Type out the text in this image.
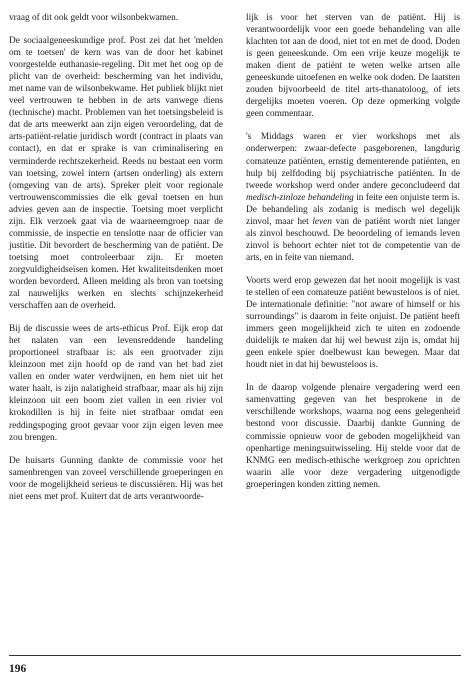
vraag of dit ook geldt voor wilsonbekwamen.

De sociaalgeneeskundige prof. Post zei dat het 'melden om te toetsen' de kern was van de door het kabinet voorgestelde euthanasie-regeling. Dit met het oog op de plicht van de overheid: bescherming van het individu, met name van de wilsonbekwame. Het publiek blijkt niet veel vertrouwen te hebben in de arts vanwege diens (technische) macht. Problemen van het toetsingsbeleid is dat de arts meewerkt aan zijn eigen veroordeling, dat de arts-patiënt-relatie juridisch wordt (contract in plaats van contact), en dat er sprake is van criminalisering en verminderde rechtszekerheid. Reeds nu bestaat een vorm van toetsing, zowel intern (artsen onderling) als extern (omgeving van de arts). Spreker pleit voor regionale vertrouwenscommissies die elk geval toetsen en hun advies geven aan de inspectie. Toetsing moet verplicht zijn. Elk verzoek gaat via de waarneemgroep naar de commissie, de inspectie en tenslotte naar de officier van justitie. Dit bevordert de bescherming van de patiënt. De toetsing moet controleerbaar zijn. Er moeten zorgvuldigheidseisen komen. Het kwaliteitsdenken moet worden bevorderd. Alleen melding als bron van toetsing zal nauwelijks werken en slechts schijnzekerheid verschaffen aan de overheid.

Bij de discussie wees de arts-ethicus Prof. Eijk erop dat het nalaten van een levensreddende handeling proportioneel strafbaar is: als een grootvader zijn kleinzoon met zijn hoofd op de rand van het bad ziet vallen en onder water verdwijnen, en hem niet uit het water haalt, is zijn nalatigheid strafbaar, maar als hij zijn kleinzoon uit een boom ziet vallen in een rivier vol krokodillen is hij in feite niet strafbaar omdat een reddingspoging groot gevaar voor zijn eigen leven mee zou brengen.

De huisarts Gunning dankte de commissie voor het samenbrengen van zoveel verschillende groeperingen en voor de mogelijkheid serieus te discussiëren. Hij was het niet eens met prof. Kuitert dat de arts verantwoorde-

lijk is voor het sterven van de patiënt. Hij is verantwoordelijk voor een goede behandeling van alle klachten tot aan de dood, niet tot en met de dood. Doden is geen geneeskunde. Om een vrije keuze mogelijk te maken dient de patiënt te weten welke artsen alle geneeskunde uitoefenen en welke ook doden. De laatsten zouden bijvoorbeeld de titel arts-thanatoloog, of iets dergelijks moeten voeren. Op deze opmerking volgde geen commentaar.

's Middags waren er vier workshops met als onderwerpen: zwaar-defecte pasgeborenen, langdurig comateuze patiënten, ernstig dementerende patiënten, en hulp bij zelfdoding bij psychiatrische patiënten. In de tweede workshop werd onder andere geconcludeerd dat medisch-zinloze behandeling in feite een onjuiste term is. De behandeling als zodanig is medisch wel degelijk zinvol, maar het leven van de patiënt wordt niet langer als zinvol beschouwd. De beoordeling of iemands leven zinvol is behoort echter niet tot de competentie van de arts, en in feite van niemand.

Voorts werd erop gewezen dat het nooit mogelijk is vast te stellen of een comateuze patiënt bewusteloos is of niet. De internationale definitie: "not aware of himself or his surroundings" is daarom in feite onjuist. De patiënt heeft immers geen mogelijkheid zich te uiten en zodoende duidelijk te maken dat hij wel bewust zijn is, omdat hij geen enkele spier doelbewust kan bewegen. Maar dat houdt niet in dat hij bewusteloos is.

In de daarop volgende plenaire vergadering werd een samenvatting gegeven van het besprokene in de verschillende workshops, waarna nog eens gelegenheid bestond voor discussie. Daarbij dankte Gunning de commissie opnieuw voor de geboden mogelijkheid van openhartige meningsuitwisseling. Hij stelde voor dat de KNMG een medisch-ethische werkgroep zou oprichten waarin alle voor deze vergadering uitgenodigde groeperingen konden zitting nemen.

196
